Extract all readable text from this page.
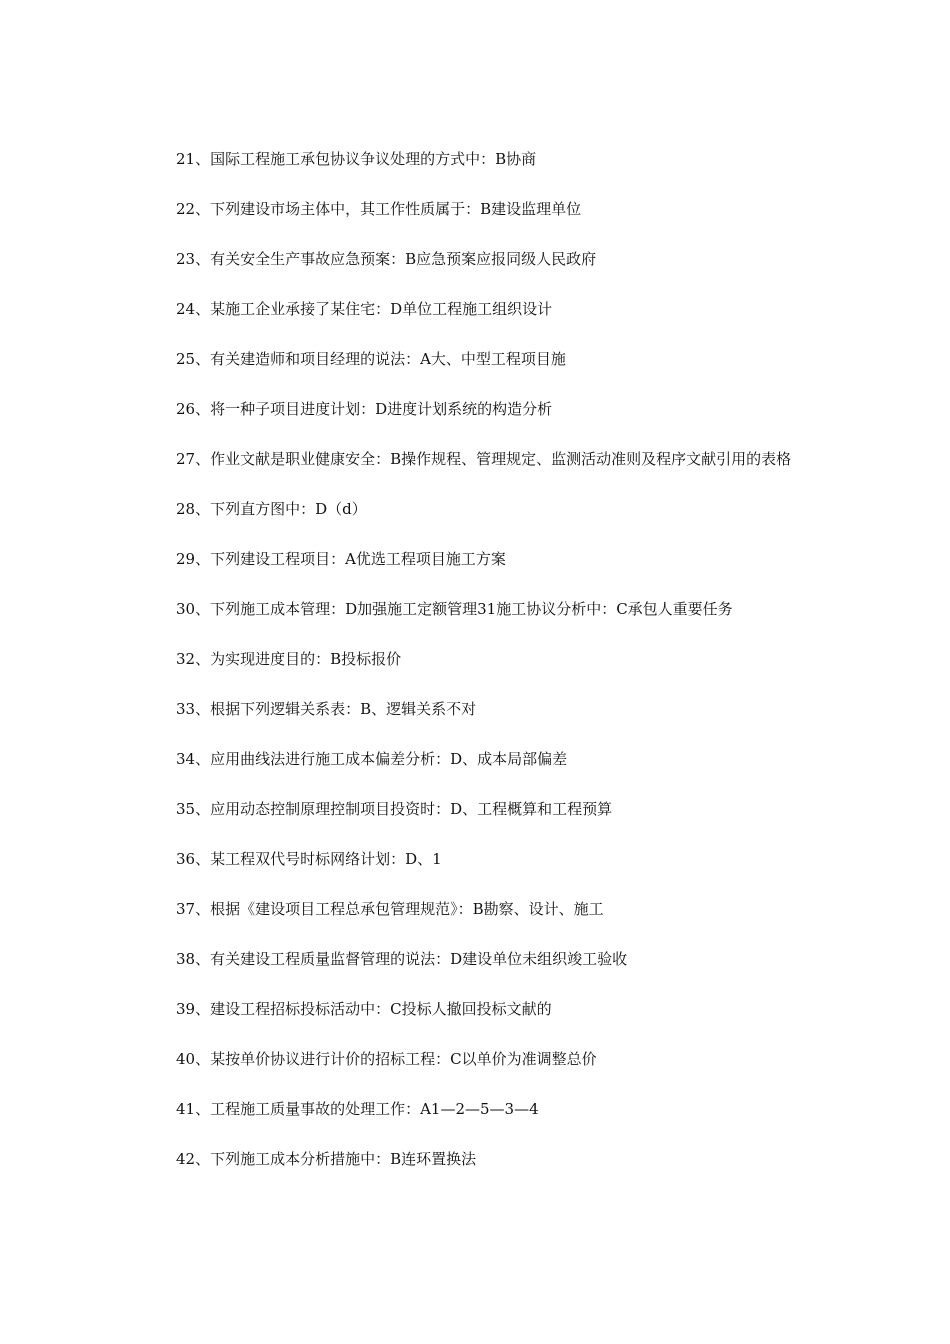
21、国际工程施工承包协议争议处理的方式中：B协商

22、下列建设市场主体中，其工作性质属于：B建设监理单位

23、有关安全生产事故应急预案：B应急预案应报同级人民政府

24、某施工企业承接了某住宅：D单位工程施工组织设计

25、有关建造师和项目经理的说法：A大、中型工程项目施

26、将一种子项目进度计划：D进度计划系统的构造分析

27、作业文献是职业健康安全：B操作规程、管理规定、监测活动准则及程序文献引用的表格

28、下列直方图中：D（d）

29、下列建设工程项目：A优选工程项目施工方案

30、下列施工成本管理：D加强施工定额管理31施工协议分析中：C承包人重要任务

32、为实现进度目的：B投标报价

33、根据下列逻辑关系表：B、逻辑关系不对

34、应用曲线法进行施工成本偏差分析：D、成本局部偏差

35、应用动态控制原理控制项目投资时：D、工程概算和工程预算

36、某工程双代号时标网络计划：D、1

37、根据《建设项目工程总承包管理规范》：B勘察、设计、施工

38、有关建设工程质量监督管理的说法：D建设单位未组织竣工验收

39、建设工程招标投标活动中：C投标人撤回投标文献的

40、某按单价协议进行计价的招标工程：C以单价为准调整总价

41、工程施工质量事故的处理工作：A1—2—5—3—4

42、下列施工成本分析措施中：B连环置换法
